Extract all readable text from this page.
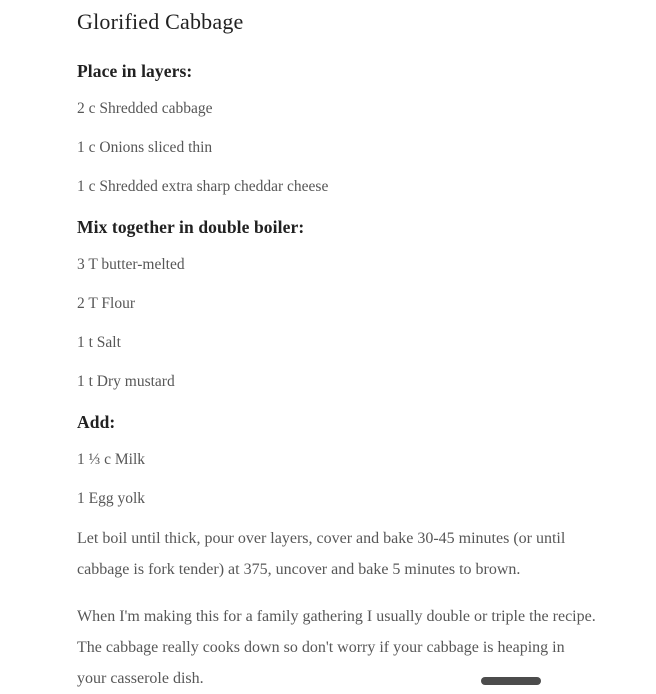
Glorified Cabbage
Place in layers:

2 c Shredded cabbage

1 c Onions sliced thin

1 c Shredded extra sharp cheddar cheese

Mix together in double boiler:

3 T butter-melted

2 T Flour

1 t Salt

1 t Dry mustard

Add:

1 ⅓ c Milk

1 Egg yolk

Let boil until thick, pour over layers, cover and bake 30-45 minutes (or until cabbage is fork tender) at 375, uncover and bake 5 minutes to brown.

When I'm making this for a family gathering I usually double or triple the recipe. The cabbage really cooks down so don't worry if your cabbage is heaping in your casserole dish.
